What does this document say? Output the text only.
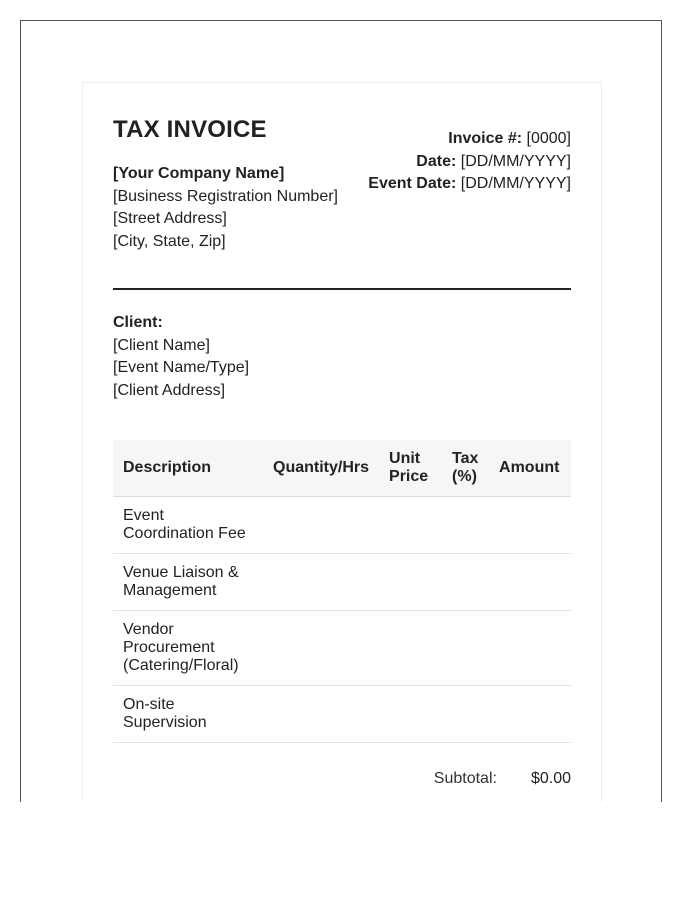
TAX INVOICE
[Your Company Name]
[Business Registration Number]
[Street Address]
[City, State, Zip]
Invoice #: [0000]
Date: [DD/MM/YYYY]
Event Date: [DD/MM/YYYY]
Client:
[Client Name]
[Event Name/Type]
[Client Address]
Description	Quantity/Hrs	Unit Price	Tax (%)	Amount
Event Coordination Fee				
Venue Liaison & Management				
Vendor Procurement (Catering/Floral)				
On-site Supervision				
Subtotal: $0.00
